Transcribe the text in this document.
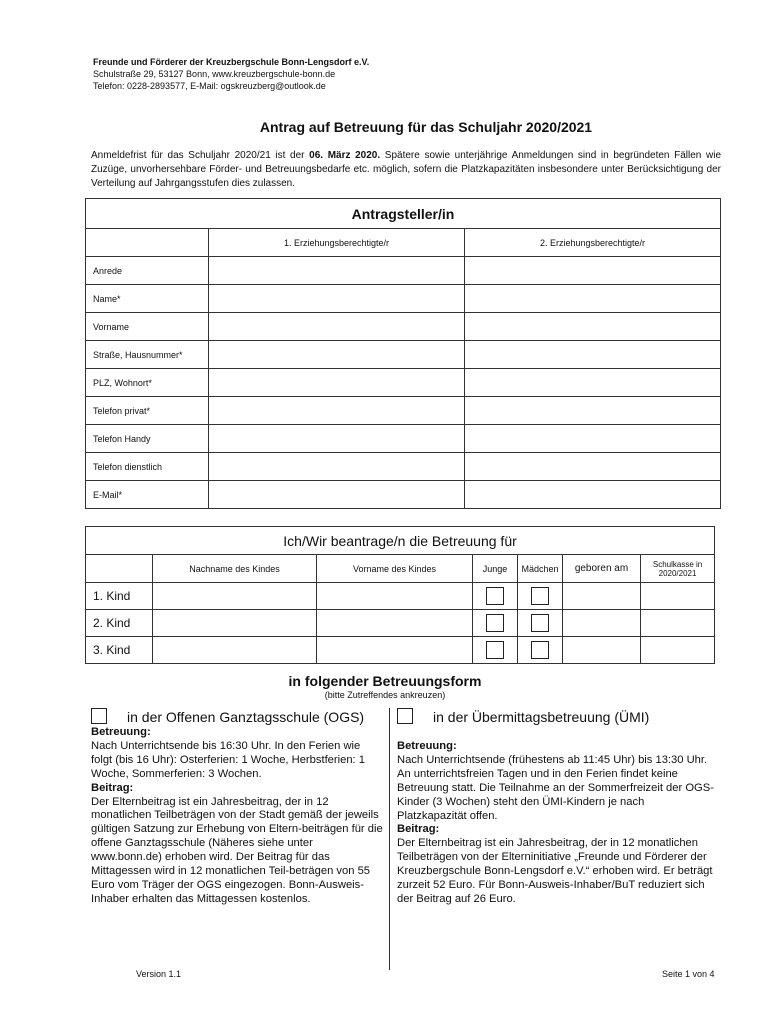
Freunde und Förderer der Kreuzbergschule Bonn-Lengsdorf e.V.
Schulstraße 29, 53127 Bonn, www.kreuzbergschule-bonn.de
Telefon: 0228-2893577, E-Mail: ogskreuzberg@outlook.de
Antrag auf Betreuung für das Schuljahr 2020/2021
Anmeldefrist für das Schuljahr 2020/21 ist der 06. März 2020. Spätere sowie unterjährige Anmeldungen sind in begründeten Fällen wie Zuzüge, unvorhersehbare Förder- und Betreuungsbedarfe etc. möglich, sofern die Platzkapazitäten insbesondere unter Berücksichtigung der Verteilung auf Jahrgangsstufen dies zulassen.
Antragsteller/in		
	1. Erziehungsberechtigte/r	2. Erziehungsberechtigte/r
Anrede		
Name*		
Vorname		
Straße, Hausnummer*		
PLZ, Wohnort*		
Telefon privat*		
Telefon Handy		
Telefon dienstlich		
E-Mail*		
Ich/Wir beantrage/n die Betreuung für						
	Nachname des Kindes	Vorname des Kindes	Junge	Mädchen	geboren am	Schulkasse in 2020/2021
1. Kind						
2. Kind						
3. Kind						
in folgender Betreuungsform
(bitte Zutreffendes ankreuzen)
in der Offenen Ganztagsschule (OGS)
Betreuung:
Nach Unterrichtsende bis 16:30 Uhr. In den Ferien wie folgt (bis 16 Uhr): Osterferien: 1 Woche, Herbstferien: 1 Woche, Sommerferien: 3 Wochen.
Beitrag:
Der Elternbeitrag ist ein Jahresbeitrag, der in 12 monatlichen Teilbeträgen von der Stadt gemäß der jeweils gültigen Satzung zur Erhebung von Eltern-beiträgen für die offene Ganztagsschule (Näheres siehe unter www.bonn.de) erhoben wird. Der Beitrag für das Mittagessen wird in 12 monatlichen Teil-beträgen von 55 Euro vom Träger der OGS eingezogen. Bonn-Ausweis-Inhaber erhalten das Mittagessen kostenlos.
in der Übermittagsbetreuung (ÜMI)
Betreuung:
Nach Unterrichtsende (frühestens ab 11:45 Uhr) bis 13:30 Uhr. An unterrichtsfreien Tagen und in den Ferien findet keine Betreuung statt. Die Teilnahme an der Sommerfreizeit der OGS-Kinder (3 Wochen) steht den ÜMI-Kindern je nach Platzkapazität offen.
Beitrag:
Der Elternbeitrag ist ein Jahresbeitrag, der in 12 monatlichen Teilbeträgen von der Elterninitiative „Freunde und Förderer der Kreuzbergschule Bonn-Lengsdorf e.V.“ erhoben wird. Er beträgt zurzeit 52 Euro. Für Bonn-Ausweis-Inhaber/BuT reduziert sich der Beitrag auf 26 Euro.
Version 1.1	Seite 1 von 4
